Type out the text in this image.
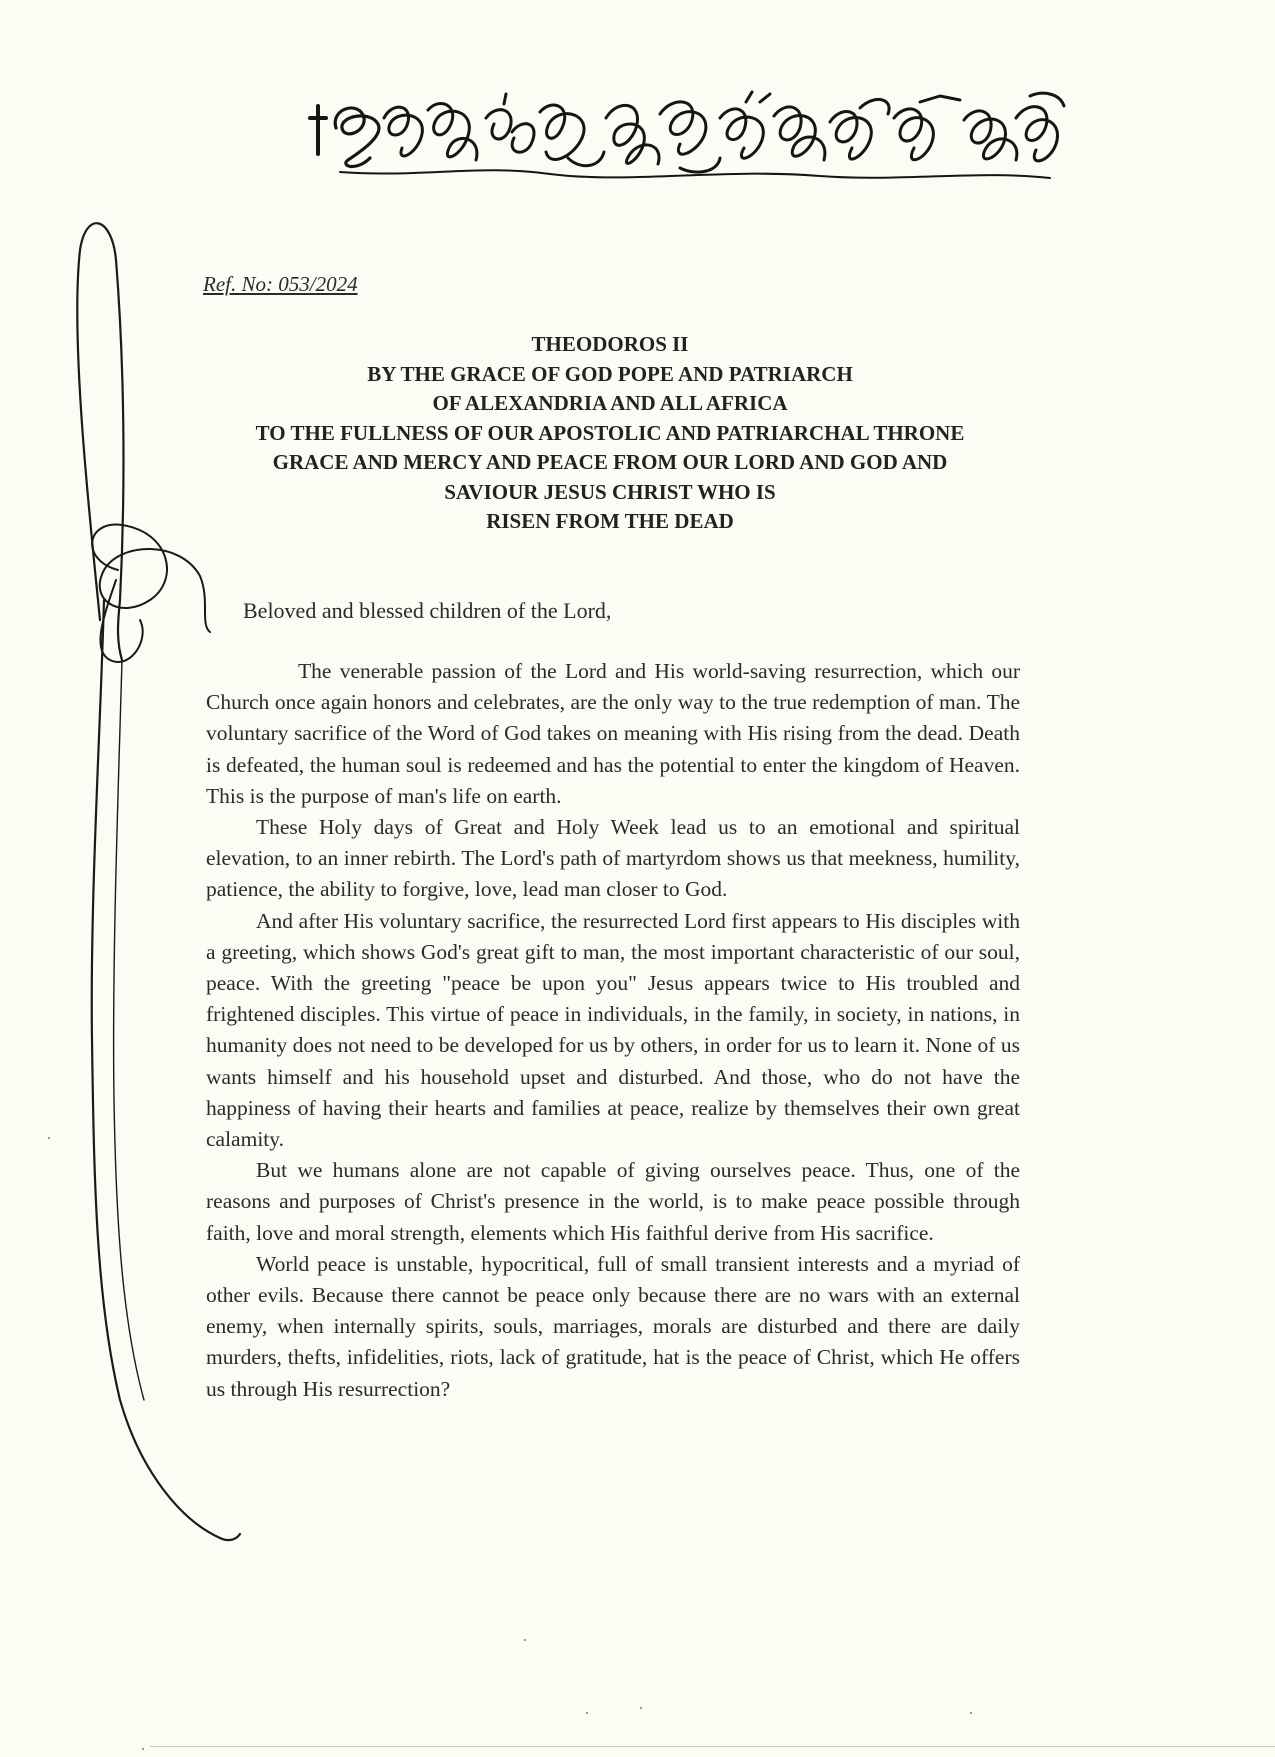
Ref. No: 053/2024
THEODOROS II
BY THE GRACE OF GOD POPE AND PATRIARCH
OF ALEXANDRIA AND ALL AFRICA
TO THE FULLNESS OF OUR APOSTOLIC AND PATRIARCHAL THRONE
GRACE AND MERCY AND PEACE FROM OUR LORD AND GOD AND
SAVIOUR JESUS CHRIST WHO IS
RISEN FROM THE DEAD
Beloved and blessed children of the Lord,

The venerable passion of the Lord and His world-saving resurrection, which our Church once again honors and celebrates, are the only way to the true redemption of man. The voluntary sacrifice of the Word of God takes on meaning with His rising from the dead. Death is defeated, the human soul is redeemed and has the potential to enter the kingdom of Heaven. This is the purpose of man's life on earth.

These Holy days of Great and Holy Week lead us to an emotional and spiritual elevation, to an inner rebirth. The Lord's path of martyrdom shows us that meekness, humility, patience, the ability to forgive, love, lead man closer to God.

And after His voluntary sacrifice, the resurrected Lord first appears to His disciples with a greeting, which shows God's great gift to man, the most important characteristic of our soul, peace. With the greeting "peace be upon you" Jesus appears twice to His troubled and frightened disciples. This virtue of peace in individuals, in the family, in society, in nations, in humanity does not need to be developed for us by others, in order for us to learn it. None of us wants himself and his household upset and disturbed. And those, who do not have the happiness of having their hearts and families at peace, realize by themselves their own great calamity.

But we humans alone are not capable of giving ourselves peace. Thus, one of the reasons and purposes of Christ's presence in the world, is to make peace possible through faith, love and moral strength, elements which His faithful derive from His sacrifice.

World peace is unstable, hypocritical, full of small transient interests and a myriad of other evils. Because there cannot be peace only because there are no wars with an external enemy, when internally spirits, souls, marriages, morals are disturbed and there are daily murders, thefts, infidelities, riots, lack of gratitude, hat is the peace of Christ, which He offers us through His resurrection?
